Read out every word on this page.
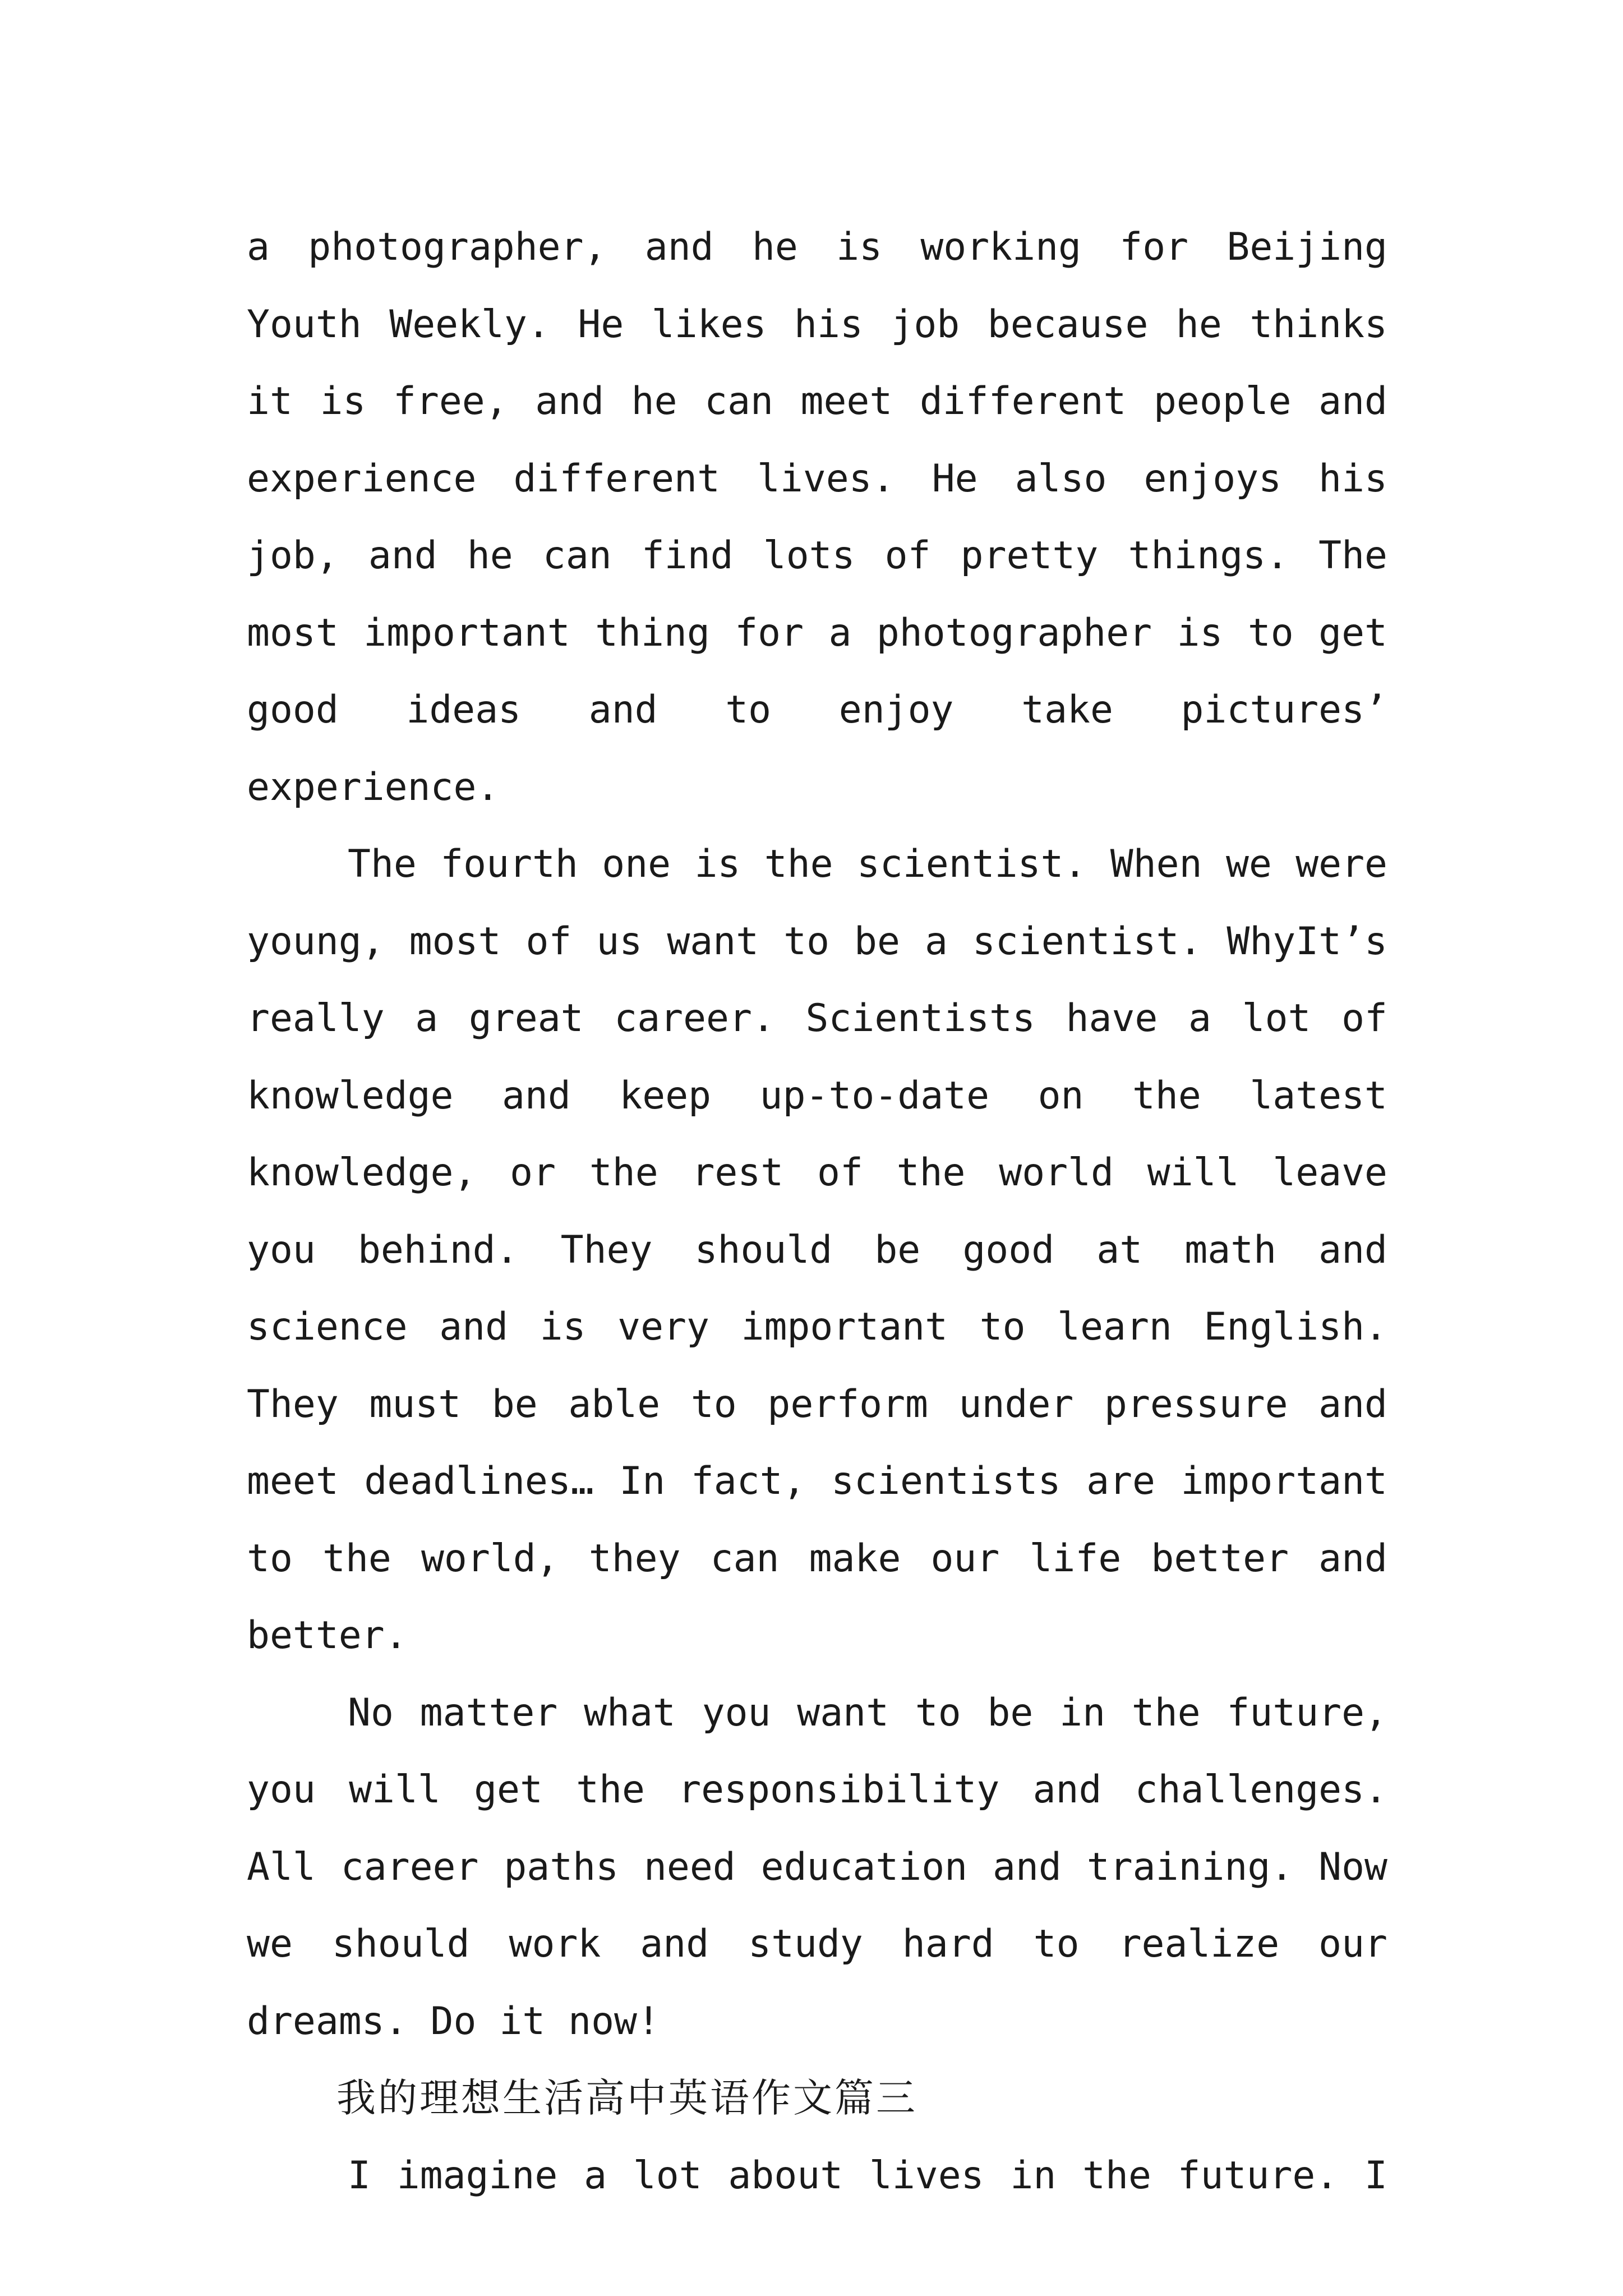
a photographer, and he is working for Beijing Youth Weekly. He likes his job because he thinks it is free, and he can meet different people and experience different lives. He also enjoys his job, and he can find lots of pretty things. The most important thing for a photographer is to get good ideas and to enjoy take pictures’ experience.

The fourth one is the scientist. When we were young, most of us want to be a scientist. WhyIt’s really a great career. Scientists have a lot of knowledge and keep up-to-date on the latest knowledge, or the rest of the world will leave you behind. They should be good at math and science and is very important to learn English. They must be able to perform under pressure and meet deadlines… In fact, scientists are important to the world, they can make our life better and better.

No matter what you want to be in the future, you will get the responsibility and challenges. All career paths need education and training. Now we should work and study hard to realize our dreams. Do it now!

我的理想生活高中英语作文篇三

I imagine a lot about lives in the future. I
